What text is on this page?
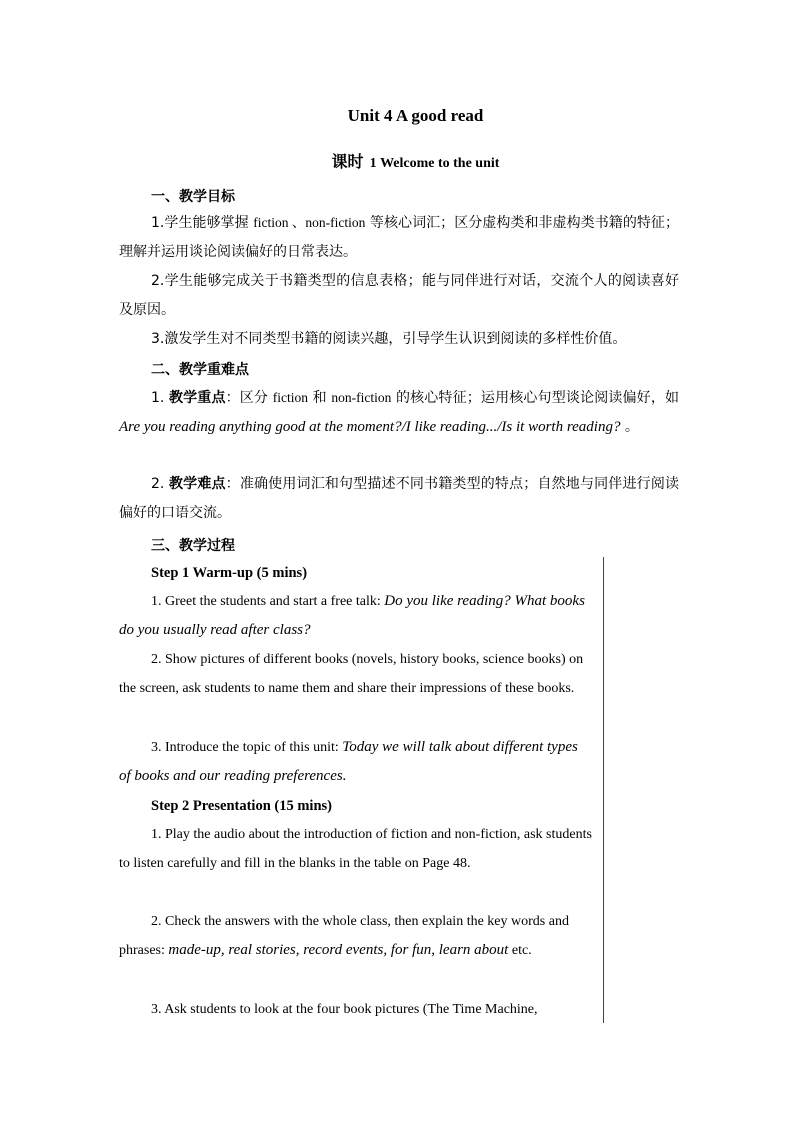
Unit 4 A good read
课时 1 Welcome to the unit
一、教学目标
1.学生能够掌握 fiction 、non-fiction 等核心词汇；区分虚构类和非虚构类书籍的特征；理解并运用谈论阅读偏好的日常表达。
2.学生能够完成关于书籍类型的信息表格；能与同伴进行对话，交流个人的阅读喜好及原因。
3.激发学生对不同类型书籍的阅读兴趣，引导学生认识到阅读的多样性价值。
二、教学重难点
1. 教学重点：区分 fiction 和 non-fiction 的核心特征；运用核心句型谈论阅读偏好，如 Are you reading anything good at the moment?/I like reading.../Is it worth reading? 。
2. 教学难点：准确使用词汇和句型描述不同书籍类型的特点；自然地与同伴进行阅读偏好的口语交流。
三、教学过程
Step 1 Warm-up (5 mins)
1. Greet the students and start a free talk: Do you like reading? What books do you usually read after class?
2. Show pictures of different books (novels, history books, science books) on the screen, ask students to name them and share their impressions of these books.
3. Introduce the topic of this unit: Today we will talk about different types of books and our reading preferences.
Step 2 Presentation (15 mins)
1. Play the audio about the introduction of fiction and non-fiction, ask students to listen carefully and fill in the blanks in the table on Page 48.
2. Check the answers with the whole class, then explain the key words and phrases: made-up, real stories, record events, for fun, learn about etc.
3. Ask students to look at the four book pictures (The Time Machine,
